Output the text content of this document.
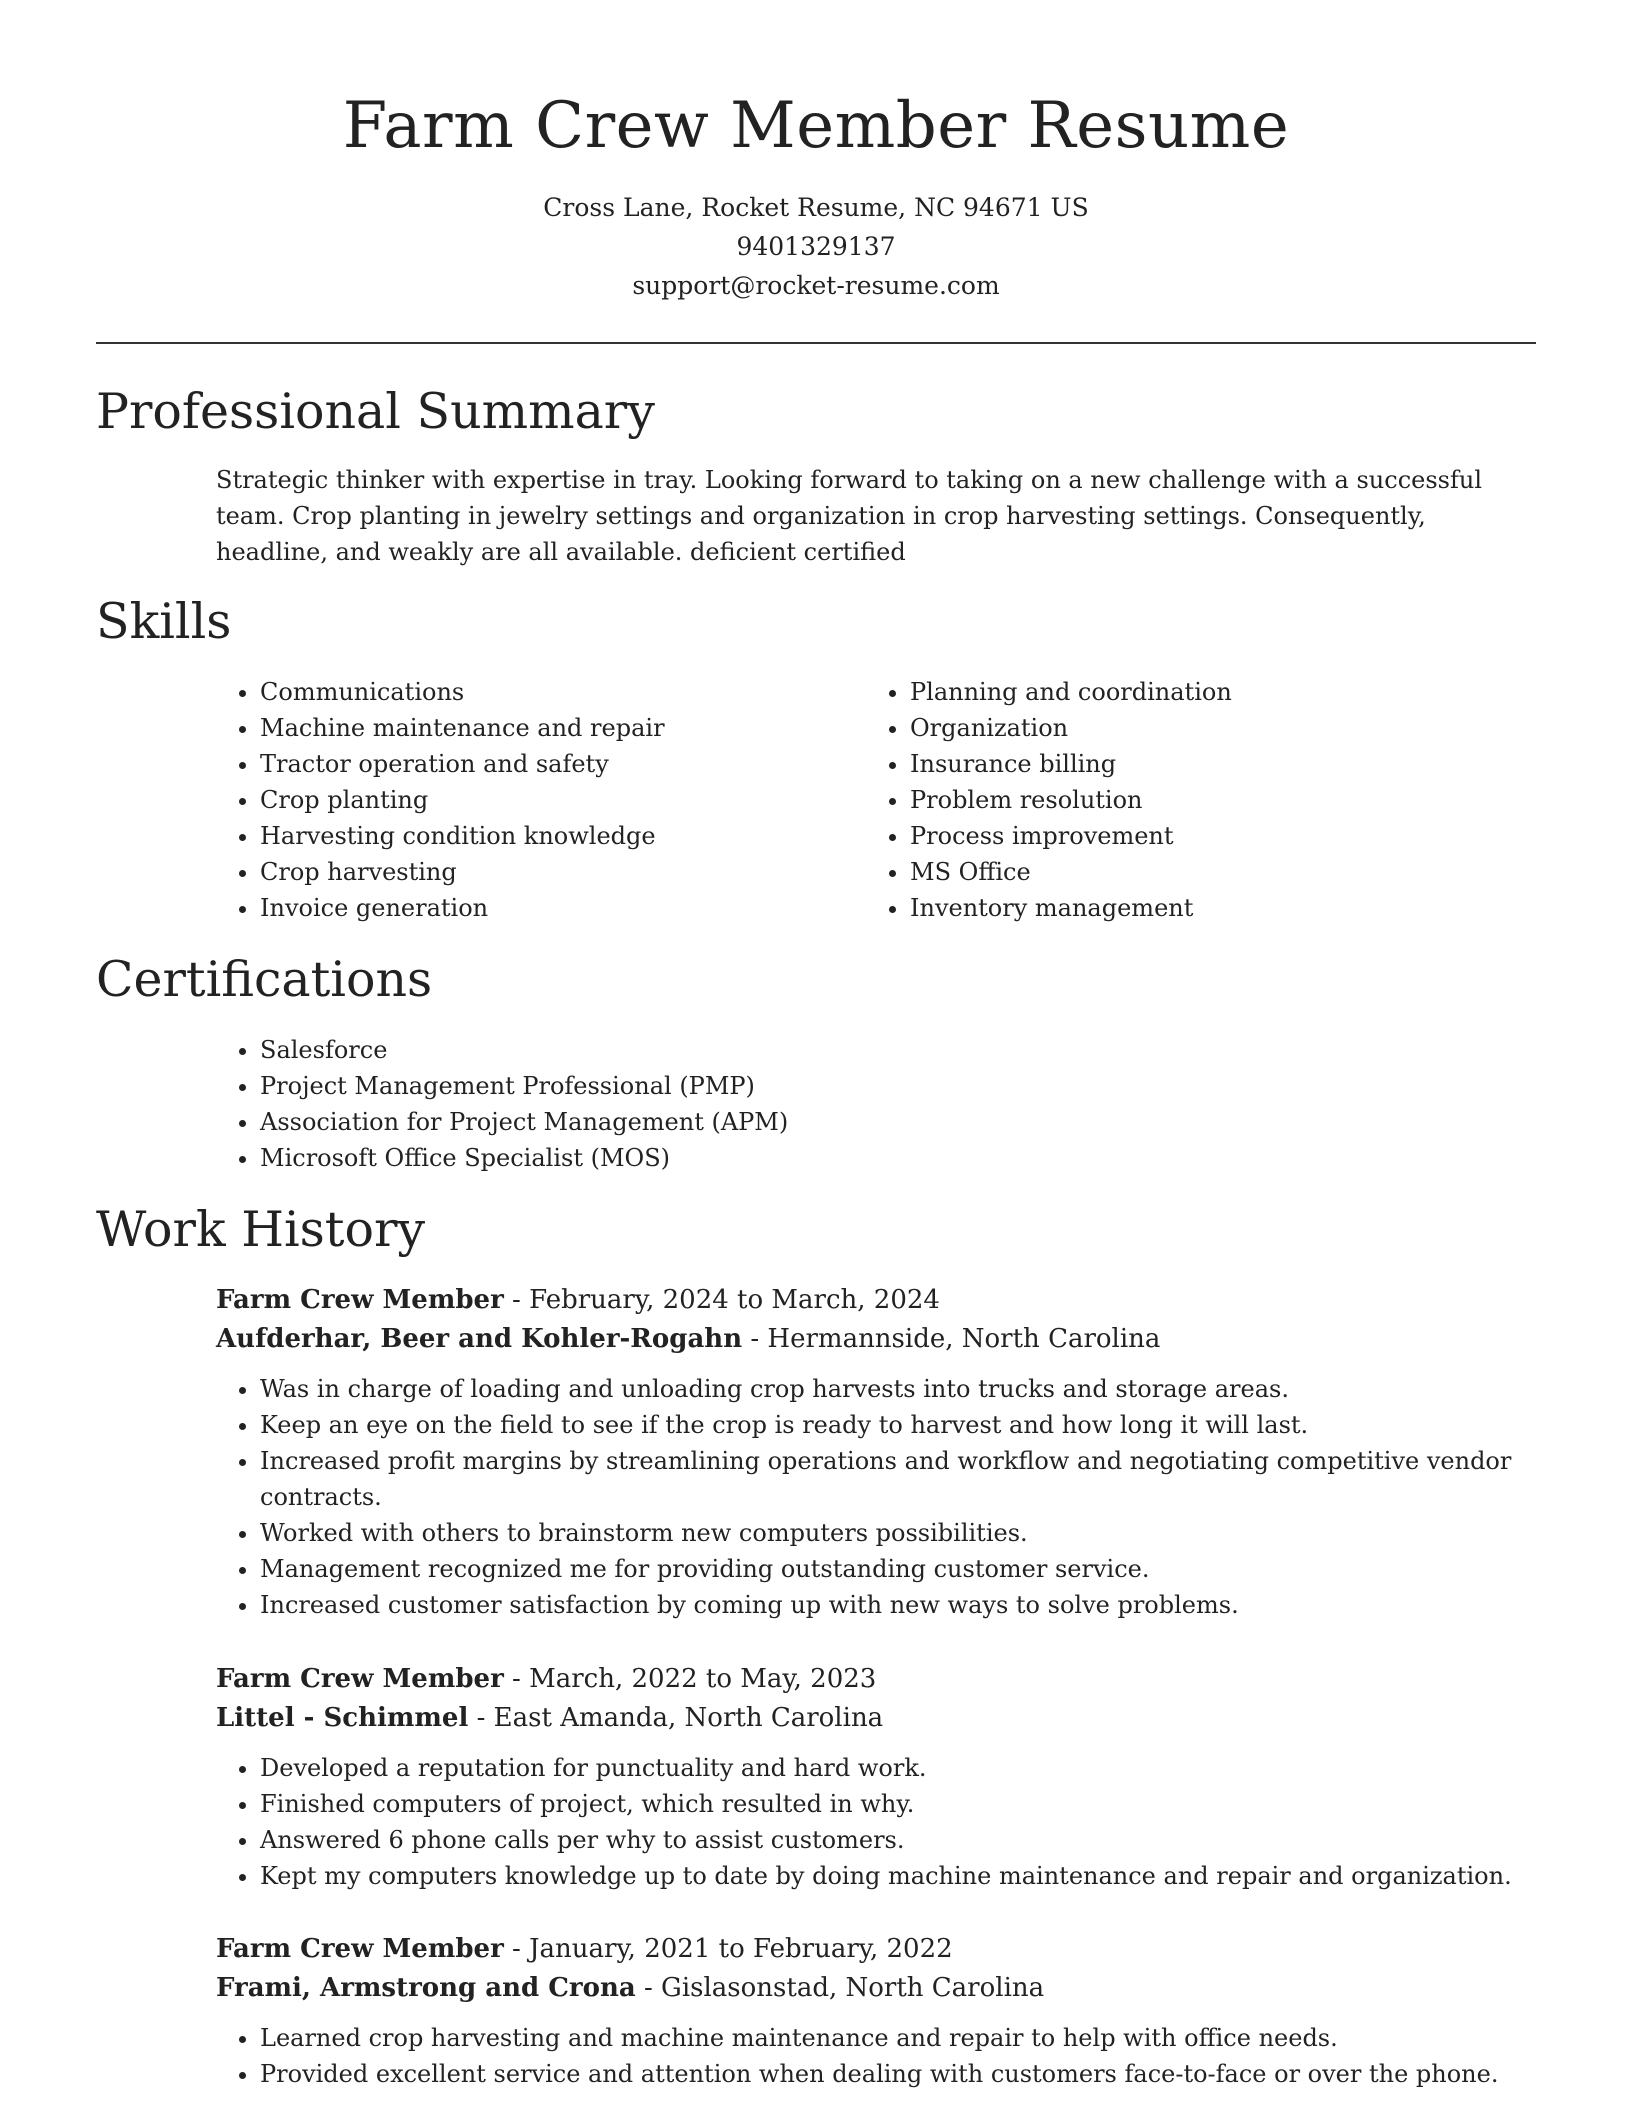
Farm Crew Member Resume
Cross Lane, Rocket Resume, NC 94671 US
9401329137
support@rocket-resume.com
Professional Summary

Strategic thinker with expertise in tray. Looking forward to taking on a new challenge with a successful team. Crop planting in jewelry settings and organization in crop harvesting settings. Consequently, headline, and weakly are all available. deficient certified

Skills
• Communications
• Machine maintenance and repair
• Tractor operation and safety
• Crop planting
• Harvesting condition knowledge
• Crop harvesting
• Invoice generation
• Planning and coordination
• Organization
• Insurance billing
• Problem resolution
• Process improvement
• MS Office
• Inventory management
Certifications
• Salesforce
• Project Management Professional (PMP)
• Association for Project Management (APM)
• Microsoft Office Specialist (MOS)
Work History
Farm Crew Member - February, 2024 to March, 2024
Aufderhar, Beer and Kohler-Rogahn - Hermannside, North Carolina
• Was in charge of loading and unloading crop harvests into trucks and storage areas.
• Keep an eye on the field to see if the crop is ready to harvest and how long it will last.
• Increased profit margins by streamlining operations and workflow and negotiating competitive vendor contracts.
• Worked with others to brainstorm new computers possibilities.
• Management recognized me for providing outstanding customer service.
• Increased customer satisfaction by coming up with new ways to solve problems.
Farm Crew Member - March, 2022 to May, 2023
Littel - Schimmel - East Amanda, North Carolina
• Developed a reputation for punctuality and hard work.
• Finished computers of project, which resulted in why.
• Answered 6 phone calls per why to assist customers.
• Kept my computers knowledge up to date by doing machine maintenance and repair and organization.
Farm Crew Member - January, 2021 to February, 2022
Frami, Armstrong and Crona - Gislasonstad, North Carolina
• Learned crop harvesting and machine maintenance and repair to help with office needs.
• Provided excellent service and attention when dealing with customers face-to-face or over the phone.
